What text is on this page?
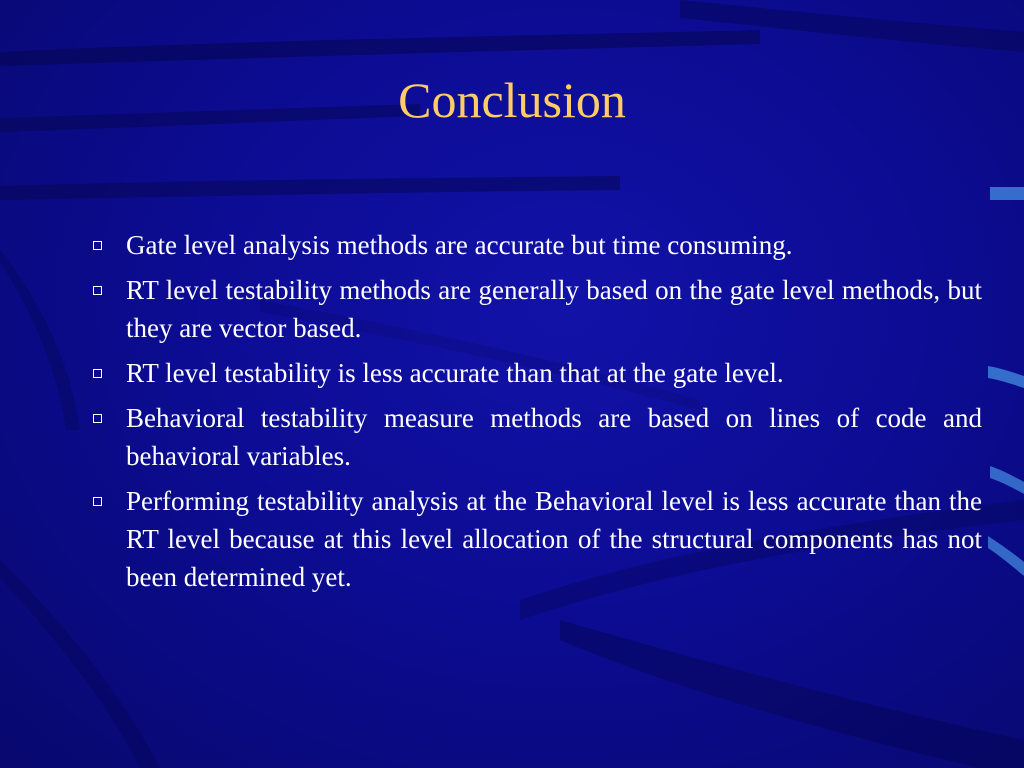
Conclusion
Gate level analysis methods are accurate but time consuming.
RT level testability methods are generally based on the gate level methods, but they are vector based.
RT level testability is less accurate than that at the gate level.
Behavioral testability measure methods are based on lines of code and behavioral variables.
Performing testability analysis at the Behavioral level is less accurate than the RT level because at this level allocation of the structural components has not been determined yet.
